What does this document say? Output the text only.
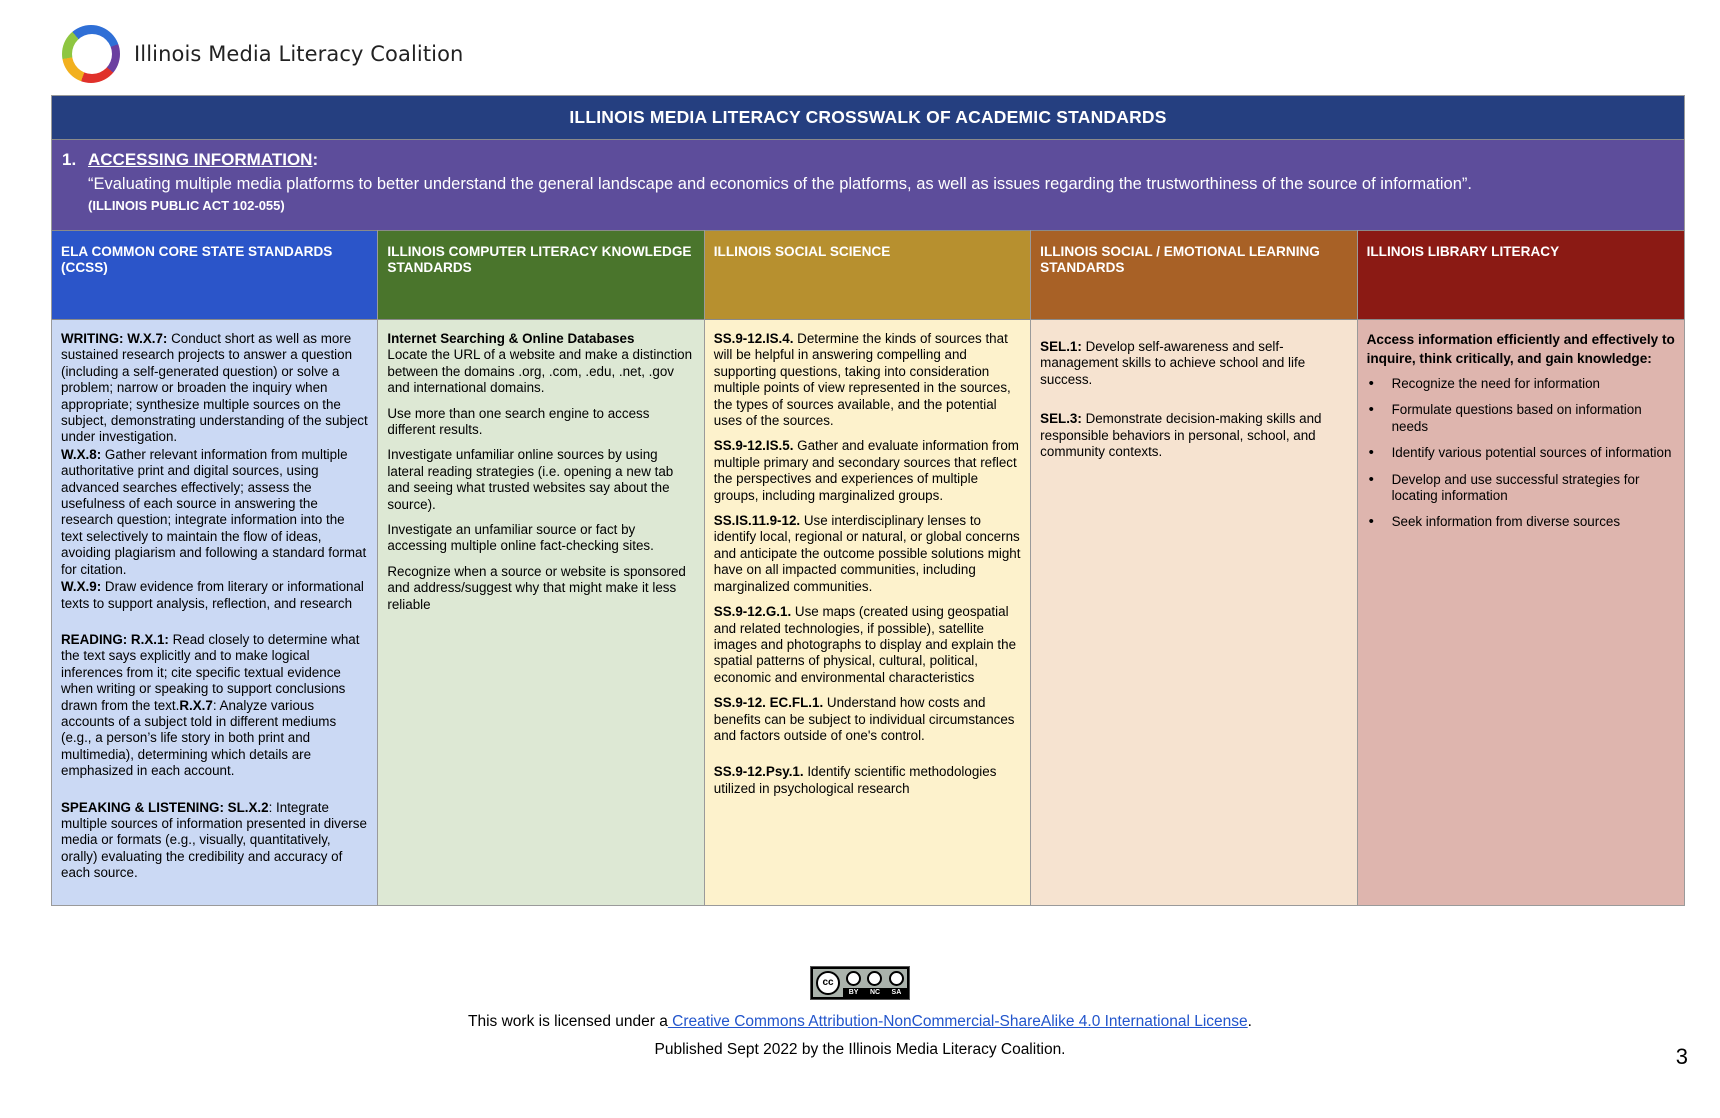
Illinois Media Literacy Coalition
ILLINOIS MEDIA LITERACY CROSSWALK OF ACADEMIC STANDARDS
1. ACCESSING INFORMATION:
“Evaluating multiple media platforms to better understand the general landscape and economics of the platforms, as well as issues regarding the trustworthiness of the source of information”.
(ILLINOIS PUBLIC ACT 102-055)
ELA COMMON CORE STATE STANDARDS (CCSS)

WRITING: W.X.7: Conduct short as well as more sustained research projects to answer a question (including a self-generated question) or solve a problem; narrow or broaden the inquiry when appropriate; synthesize multiple sources on the subject, demonstrating understanding of the subject under investigation.

W.X.8: Gather relevant information from multiple authoritative print and digital sources, using advanced searches effectively; assess the usefulness of each source in answering the research question; integrate information into the text selectively to maintain the flow of ideas, avoiding plagiarism and following a standard format for citation.

W.X.9: Draw evidence from literary or informational texts to support analysis, reflection, and research

READING: R.X.1: Read closely to determine what the text says explicitly and to make logical inferences from it; cite specific textual evidence when writing or speaking to support conclusions drawn from the text.R.X.7: Analyze various accounts of a subject told in different mediums (e.g., a person’s life story in both print and multimedia), determining which details are emphasized in each account.

SPEAKING & LISTENING: SL.X.2: Integrate multiple sources of information presented in diverse media or formats (e.g., visually, quantitatively, orally) evaluating the credibility and accuracy of each source.

ILLINOIS COMPUTER LITERACY KNOWLEDGE STANDARDS
Internet Searching & Online Databases

Locate the URL of a website and make a distinction between the domains .org, .com, .edu, .net, .gov and international domains.

Use more than one search engine to access different results.

Investigate unfamiliar online sources by using lateral reading strategies (i.e. opening a new tab and seeing what trusted websites say about the source).

Investigate an unfamiliar source or fact by accessing multiple online fact-checking sites.

Recognize when a source or website is sponsored and address/suggest why that might make it less reliable

ILLINOIS SOCIAL SCIENCE

SS.9-12.IS.4. Determine the kinds of sources that will be helpful in answering compelling and supporting questions, taking into consideration multiple points of view represented in the sources, the types of sources available, and the potential uses of the sources.

SS.9-12.IS.5. Gather and evaluate information from multiple primary and secondary sources that reflect the perspectives and experiences of multiple groups, including marginalized groups.

SS.IS.11.9-12. Use interdisciplinary lenses to identify local, regional or natural, or global concerns and anticipate the outcome possible solutions might have on all impacted communities, including marginalized communities.

SS.9-12.G.1. Use maps (created using geospatial and related technologies, if possible), satellite images and photographs to display and explain the spatial patterns of physical, cultural, political, economic and environmental characteristics

SS.9-12. EC.FL.1. Understand how costs and benefits can be subject to individual circumstances and factors outside of one's control.

SS.9-12.Psy.1. Identify scientific methodologies utilized in psychological research

ILLINOIS SOCIAL / EMOTIONAL LEARNING STANDARDS

SEL.1: Develop self-awareness and self-management skills to achieve school and life success.

SEL.3: Demonstrate decision-making skills and responsible behaviors in personal, school, and community contexts.

ILLINOIS LIBRARY LITERACY
Access information efficiently and effectively to inquire, think critically, and gain knowledge:
• Recognize the need for information
• Formulate questions based on information needs
• Identify various potential sources of information
• Develop and use successful strategies for locating information
• Seek information from diverse sources
cc
BY NC SA
This work is licensed under a Creative Commons Attribution-NonCommercial-ShareAlike 4.0 International License.
Published Sept 2022 by the Illinois Media Literacy Coalition.	3
